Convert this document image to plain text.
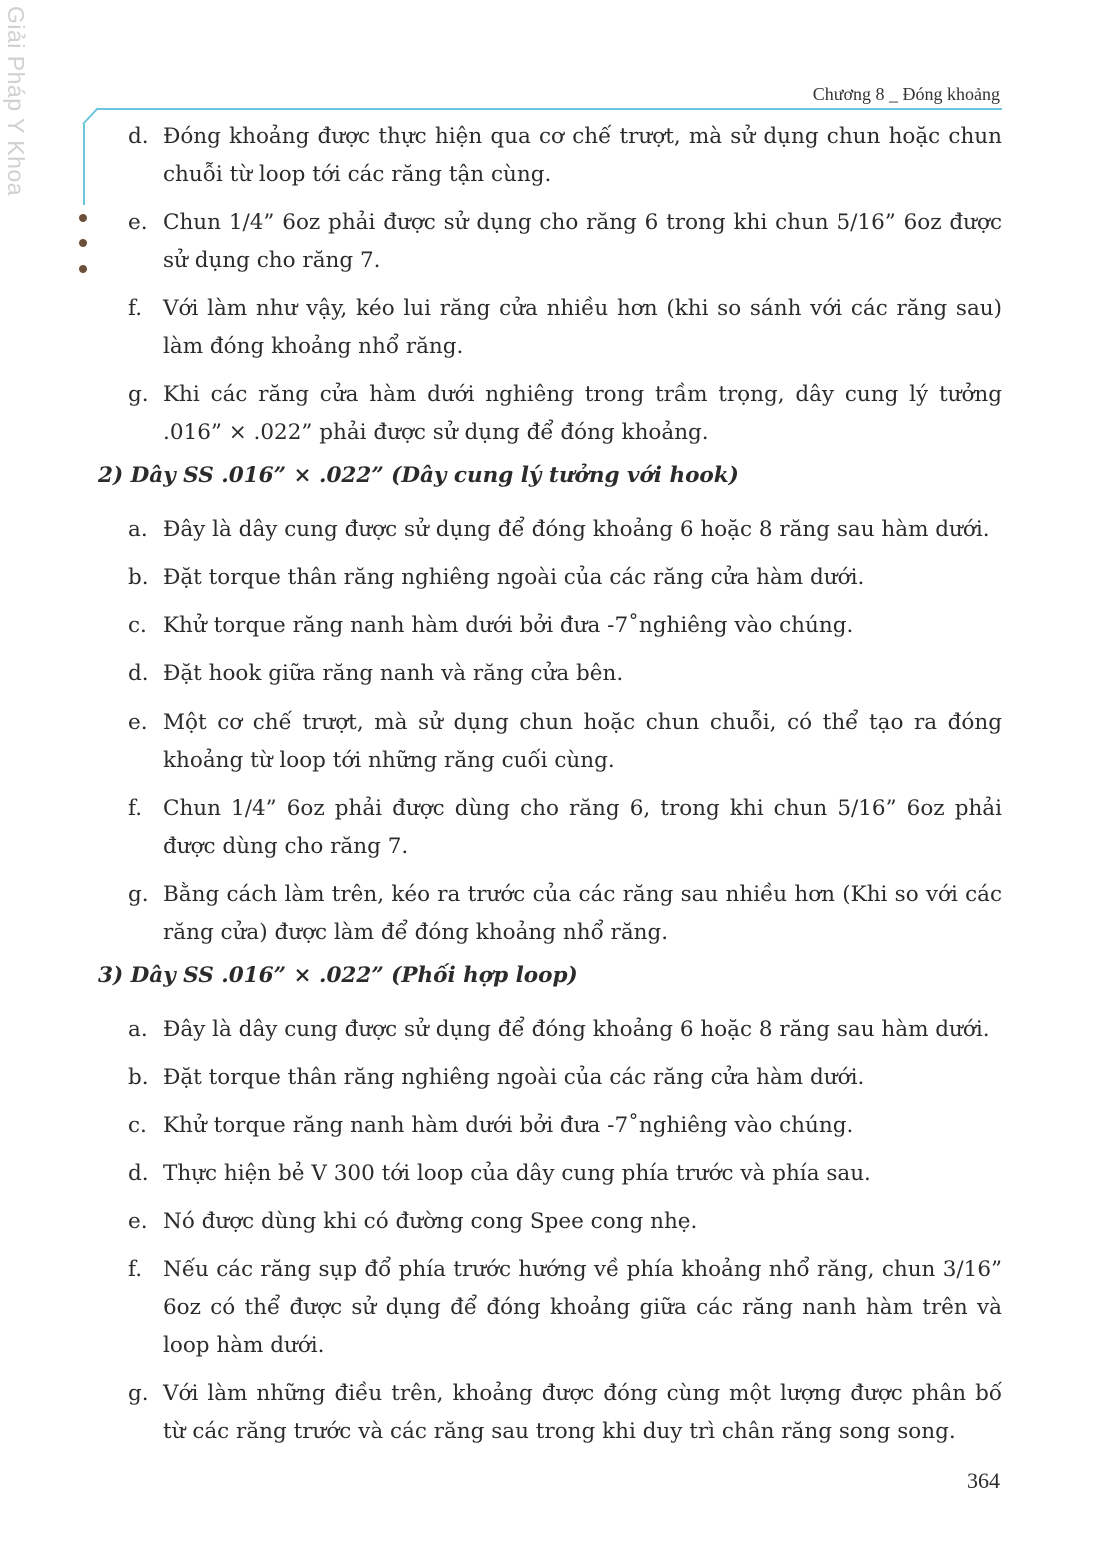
Giải Pháp Y Khoa	Chương 8 _ Đóng khoảng
d. Đóng khoảng được thực hiện qua cơ chế trượt, mà sử dụng chun hoặc chun chuỗi từ loop tới các răng tận cùng.
e. Chun 1/4” 6oz phải được sử dụng cho răng 6 trong khi chun 5/16” 6oz được sử dụng cho răng 7.
f. Với làm như vậy, kéo lui răng cửa nhiều hơn (khi so sánh với các răng sau) làm đóng khoảng nhổ răng.
g. Khi các răng cửa hàm dưới nghiêng trong trầm trọng, dây cung lý tưởng .016” × .022” phải được sử dụng để đóng khoảng.
2) Dây SS .016” × .022” (Dây cung lý tưởng với hook)
a. Đây là dây cung được sử dụng để đóng khoảng 6 hoặc 8 răng sau hàm dưới.
b. Đặt torque thân răng nghiêng ngoài của các răng cửa hàm dưới.
c. Khử torque răng nanh hàm dưới bởi đưa -7˚nghiêng vào chúng.
d. Đặt hook giữa răng nanh và răng cửa bên.
e. Một cơ chế trượt, mà sử dụng chun hoặc chun chuỗi, có thể tạo ra đóng khoảng từ loop tới những răng cuối cùng.
f. Chun 1/4” 6oz phải được dùng cho răng 6, trong khi chun 5/16” 6oz phải được dùng cho răng 7.
g. Bằng cách làm trên, kéo ra trước của các răng sau nhiều hơn (Khi so với các răng cửa) được làm để đóng khoảng nhổ răng.
3) Dây SS .016” × .022” (Phối hợp loop)
a. Đây là dây cung được sử dụng để đóng khoảng 6 hoặc 8 răng sau hàm dưới.
b. Đặt torque thân răng nghiêng ngoài của các răng cửa hàm dưới.
c. Khử torque răng nanh hàm dưới bởi đưa -7˚nghiêng vào chúng.
d. Thực hiện bẻ V 300 tới loop của dây cung phía trước và phía sau.
e. Nó được dùng khi có đường cong Spee cong nhẹ.
f. Nếu các răng sụp đổ phía trước hướng về phía khoảng nhổ răng, chun 3/16” 6oz có thể được sử dụng để đóng khoảng giữa các răng nanh hàm trên và loop hàm dưới.
g. Với làm những điều trên, khoảng được đóng cùng một lượng được phân bố từ các răng trước và các răng sau trong khi duy trì chân răng song song.
364
